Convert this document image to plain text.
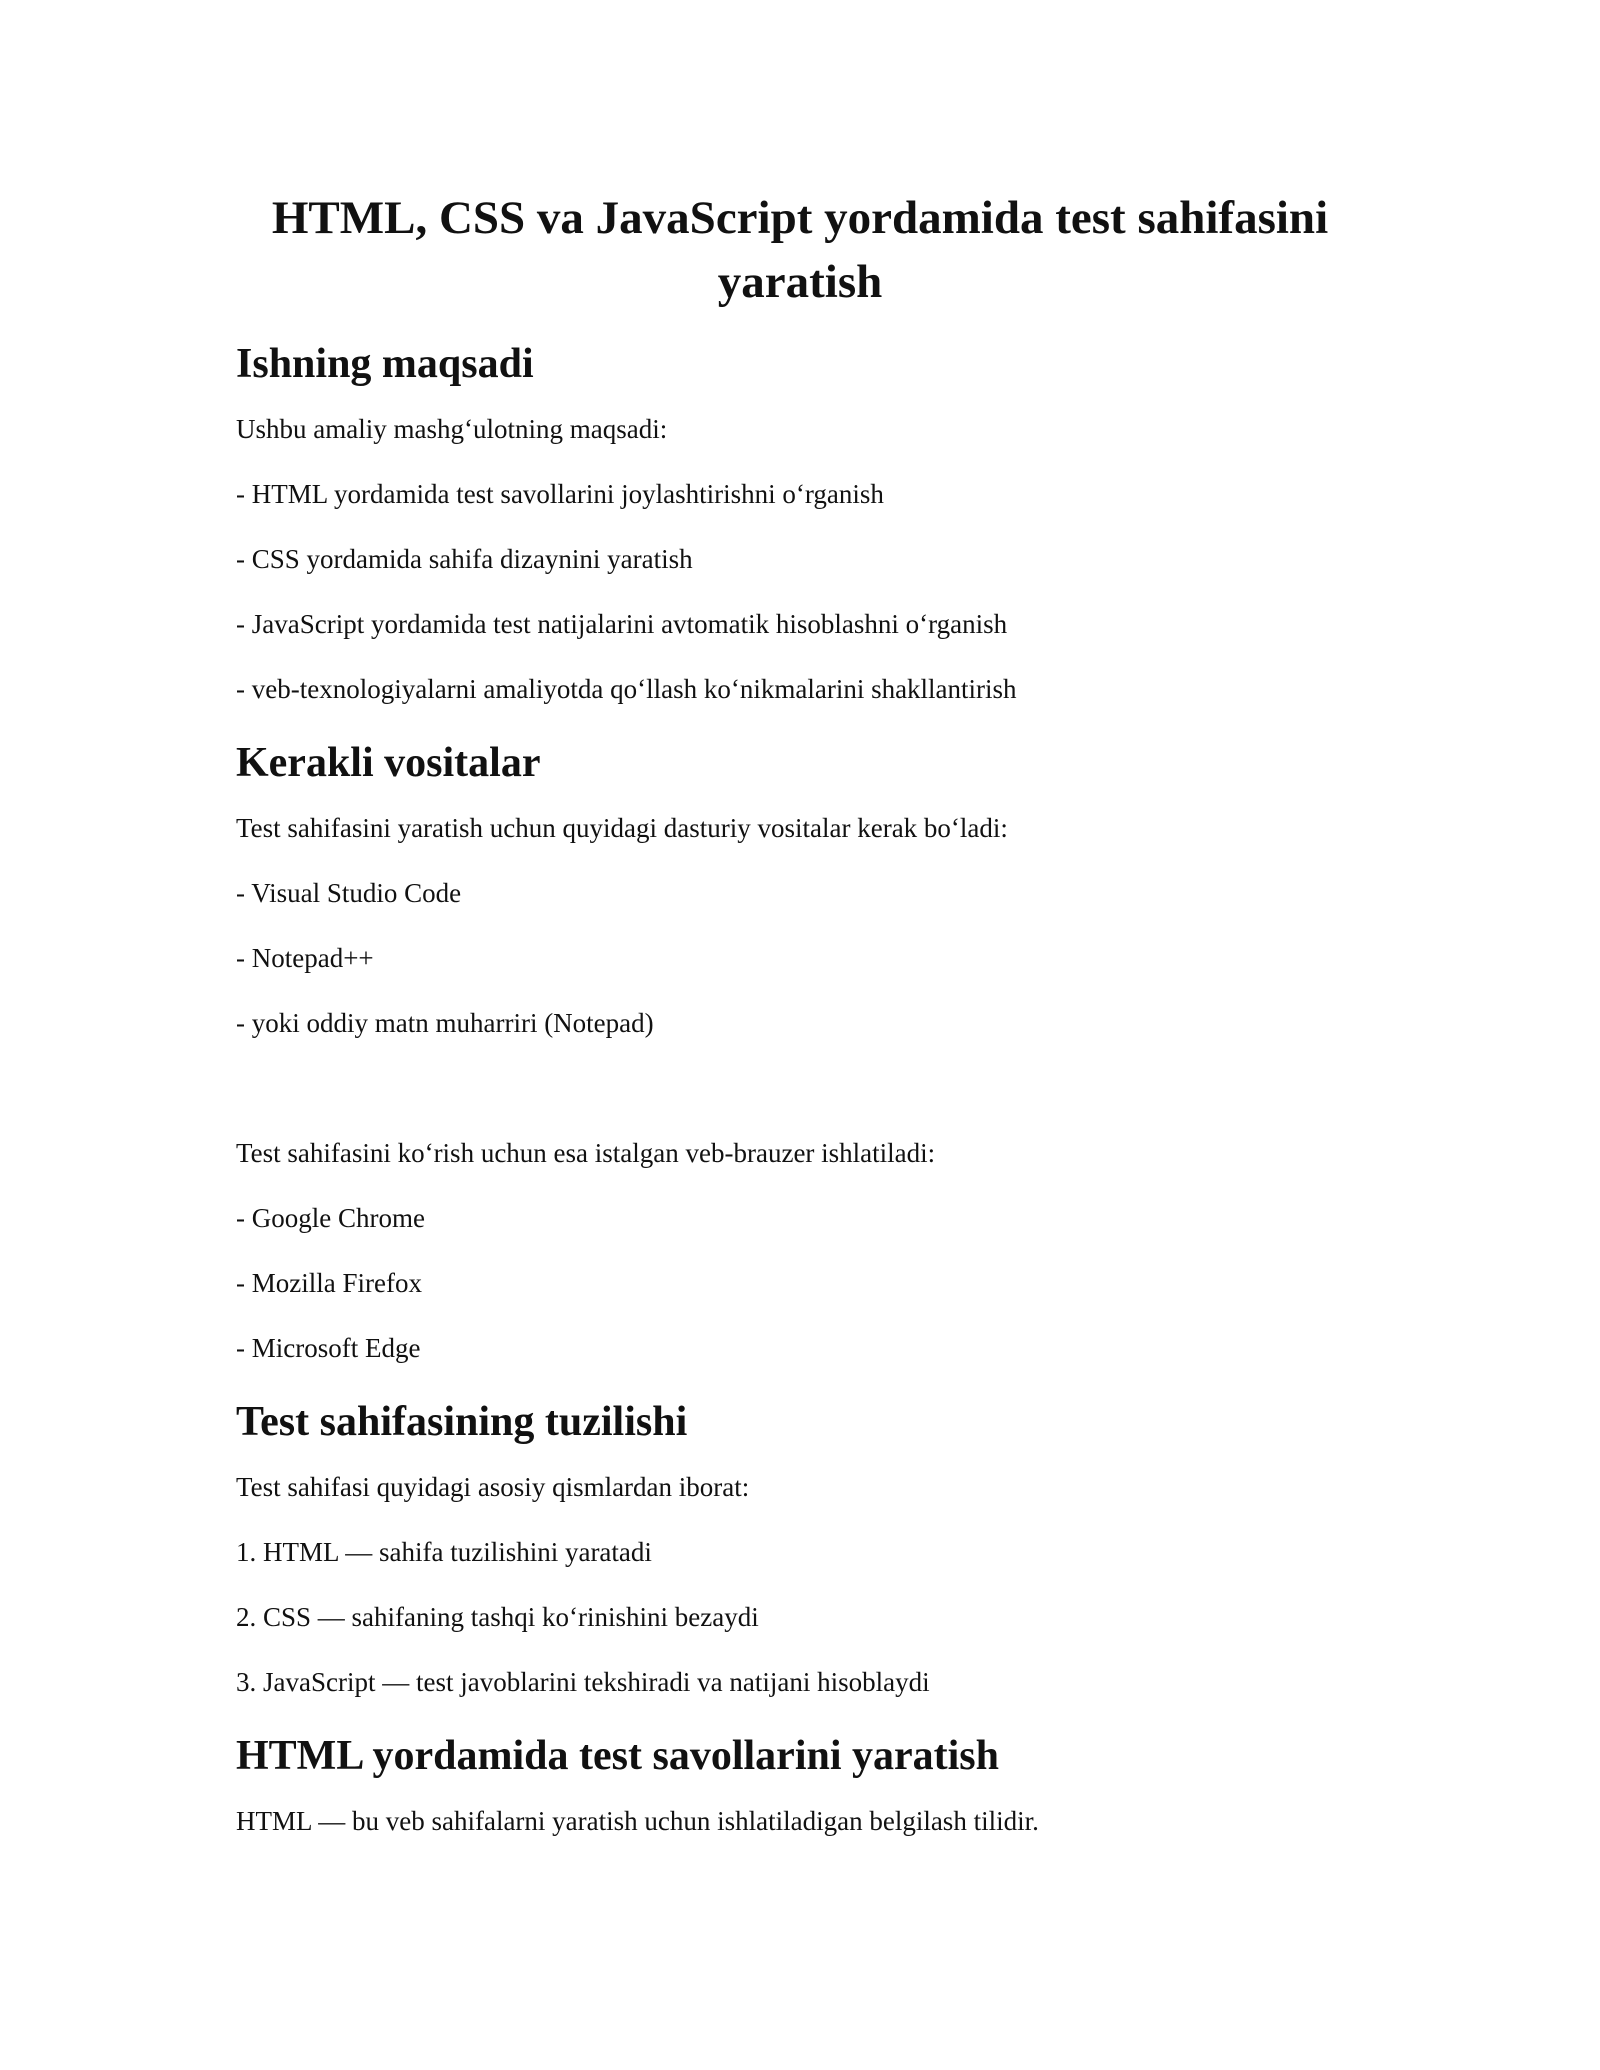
HTML, CSS va JavaScript yordamida test sahifasini yaratish
Ishning maqsadi

Ushbu amaliy mashgʻulotning maqsadi:

- HTML yordamida test savollarini joylashtirishni oʻrganish

- CSS yordamida sahifa dizaynini yaratish

- JavaScript yordamida test natijalarini avtomatik hisoblashni oʻrganish

- veb-texnologiyalarni amaliyotda qoʻllash koʻnikmalarini shakllantirish

Kerakli vositalar

Test sahifasini yaratish uchun quyidagi dasturiy vositalar kerak boʻladi:

- Visual Studio Code

- Notepad++

- yoki oddiy matn muharriri (Notepad)

Test sahifasini koʻrish uchun esa istalgan veb-brauzer ishlatiladi:

- Google Chrome

- Mozilla Firefox

- Microsoft Edge

Test sahifasining tuzilishi

Test sahifasi quyidagi asosiy qismlardan iborat:

1. HTML — sahifa tuzilishini yaratadi

2. CSS — sahifaning tashqi koʻrinishini bezaydi

3. JavaScript — test javoblarini tekshiradi va natijani hisoblaydi

HTML yordamida test savollarini yaratish

HTML — bu veb sahifalarni yaratish uchun ishlatiladigan belgilash tilidir.
